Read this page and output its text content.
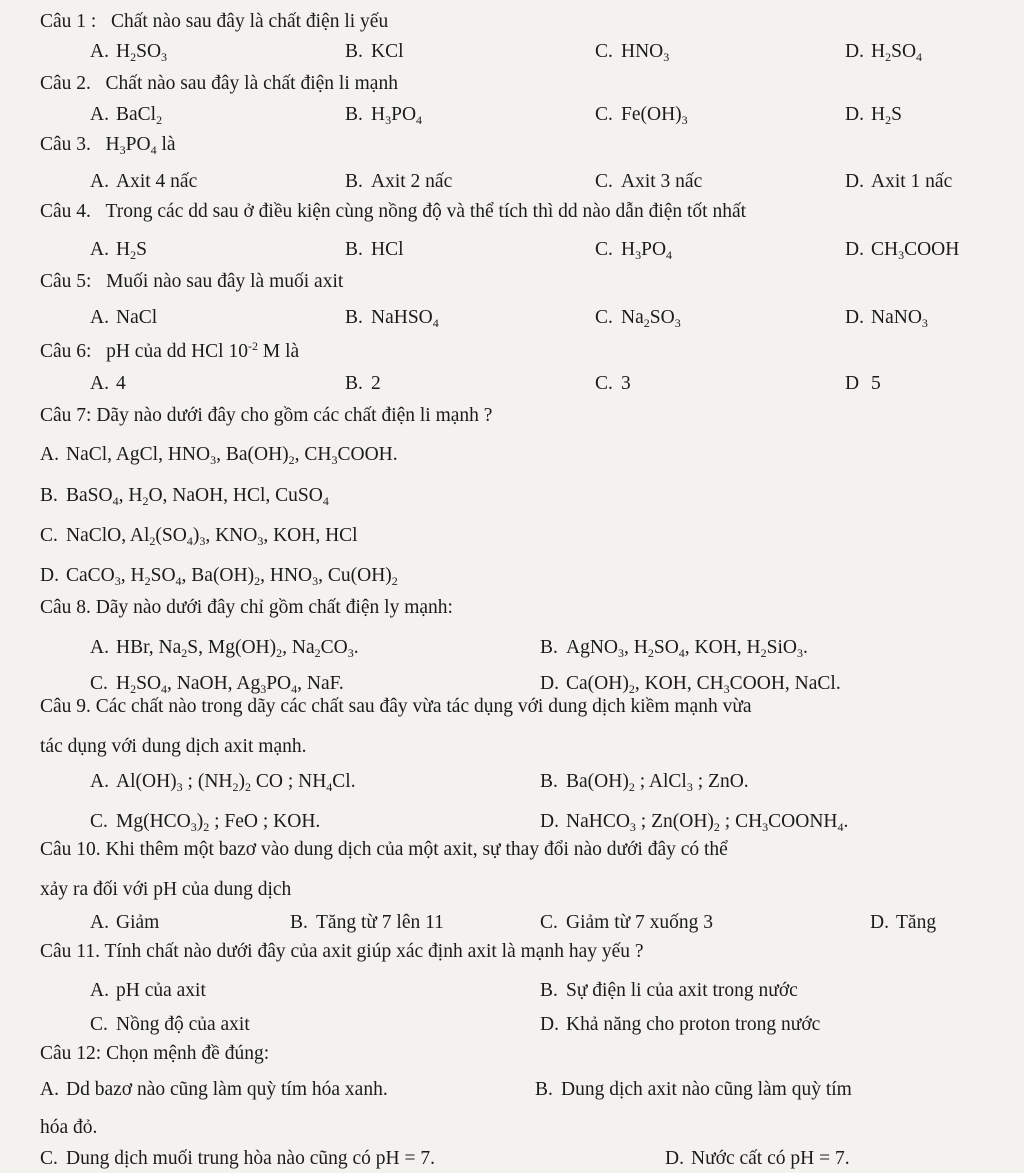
Câu 1 :   Chất nào sau đây là chất điện li yếu
A. $H_2SO_3$	B. KCl	C. $HNO_3$	D. $H_2SO_4$
Câu 2.   Chất nào sau đây là chất điện li mạnh
A. BaCl$_2$	B. $H_3PO_4$	C. $Fe(OH)_3$	D. $H_2S$
Câu 3.   $H_3PO_4$ là
A. Axit 4 nấc	B. Axit 2 nấc	C. Axit 3 nấc	D. Axit 1 nấc
Câu 4.   Trong các dd sau ở điều kiện cùng nồng độ và thể tích thì dd nào dẫn điện tốt nhất
A. $H_2S$	B. HCl	C. $H_3PO_4$	D. $CH_3COOH$
Câu 5:   Muối nào sau đây là muối axit
A. NaCl	B. NaHSO$_4$	C. $Na_2SO_3$	D. NaNO$_3$
Câu 6:   pH của dd HCl $10^{-2}$ M là
A. 4	B. 2	C. 3	D 5
Câu 7: Dãy nào dưới đây cho gồm các chất điện li mạnh ?
A. NaCl, AgCl, $HNO_3$, $Ba(OH)_2$, $CH_3COOH$.
B. BaSO$_4$, $H_2O$, NaOH, HCl, CuSO$_4$
C. NaClO, $Al_2(SO_4)_3$, $KNO_3$, KOH, HCl
D. CaCO$_3$, $H_2SO_4$, $Ba(OH)_2$, $HNO_3$, $Cu(OH)_2$
Câu 8. Dãy nào dưới đây chỉ gồm chất điện ly mạnh:
A. HBr, $Na_2S$, $Mg(OH)_2$, $Na_2CO_3$.	B. AgNO$_3$, $H_2SO_4$, KOH, $H_2SiO_3$.
C. $H_2SO_4$, NaOH, $Ag_3PO_4$, NaF.	D. $Ca(OH)_2$, KOH, $CH_3COOH$, NaCl.
Câu 9. Các chất nào trong dãy các chất sau đây vừa tác dụng với dung dịch kiềm mạnh vừa
tác dụng với dung dịch axit mạnh.
A. $Al(OH)_3$ ; $(NH_2)_2$ CO ; $NH_4Cl$.	B. $Ba(OH)_2$ ; AlCl$_3$ ; ZnO.
C. $Mg(HCO_3)_2$ ; FeO ; KOH.	D. NaHCO$_3$ ; $Zn(OH)_2$ ; $CH_3COONH_4$.
Câu 10. Khi thêm một bazơ vào dung dịch của một axit, sự thay đổi nào dưới đây có thể
xảy ra đối với pH của dung dịch
A. Giảm	B. Tăng từ 7 lên 11	C. Giảm từ 7 xuống 3	D. Tăng
Câu 11. Tính chất nào dưới đây của axit giúp xác định axit là mạnh hay yếu ?
A. pH của axit	B. Sự điện li của axit trong nước
C. Nồng độ của axit	D. Khả năng cho proton trong nước
Câu 12: Chọn mệnh đề đúng:
A. Dd bazơ nào cũng làm quỳ tím hóa xanh.	B. Dung dịch axit nào cũng làm quỳ tím
hóa đỏ.
C. Dung dịch muối trung hòa nào cũng có pH = 7.	D. Nước cất có pH = 7.
